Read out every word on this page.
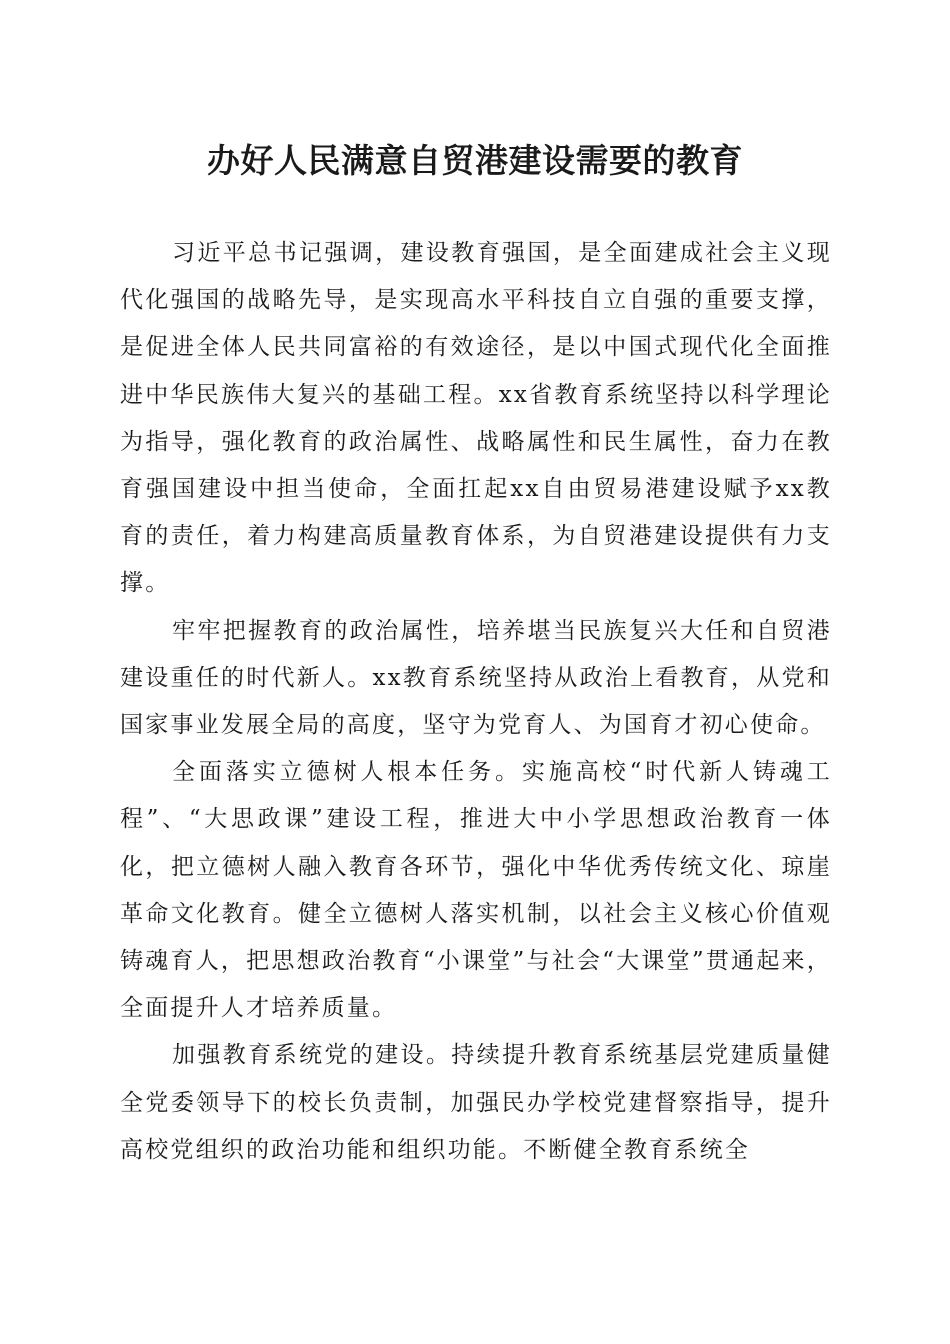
办好人民满意自贸港建设需要的教育

习近平总书记强调，建设教育强国，是全面建成社会主义现代化强国的战略先导，是实现高水平科技自立自强的重要支撑，是促进全体人民共同富裕的有效途径，是以中国式现代化全面推进中华民族伟大复兴的基础工程。xx省教育系统坚持以科学理论为指导，强化教育的政治属性、战略属性和民生属性，奋力在教育强国建设中担当使命，全面扛起xx自由贸易港建设赋予xx教育的责任，着力构建高质量教育体系，为自贸港建设提供有力支撑。

牢牢把握教育的政治属性，培养堪当民族复兴大任和自贸港建设重任的时代新人。xx教育系统坚持从政治上看教育，从党和国家事业发展全局的高度，坚守为党育人、为国育才初心使命。

全面落实立德树人根本任务。实施高校“时代新人铸魂工程”、“大思政课”建设工程，推进大中小学思想政治教育一体化，把立德树人融入教育各环节，强化中华优秀传统文化、琼崖革命文化教育。健全立德树人落实机制，以社会主义核心价值观铸魂育人，把思想政治教育“小课堂”与社会“大课堂”贯通起来，全面提升人才培养质量。

加强教育系统党的建设。持续提升教育系统基层党建质量健全党委领导下的校长负责制，加强民办学校党建督察指导，提升高校党组织的政治功能和组织功能。不断健全教育系统全
